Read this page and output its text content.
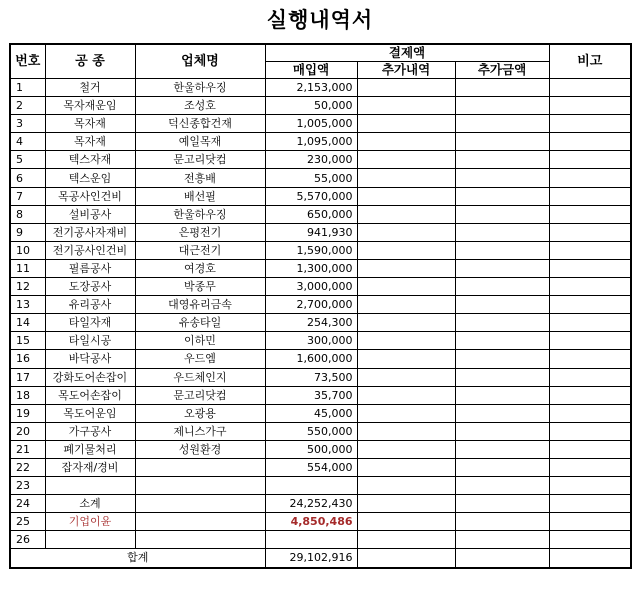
실행내역서
번호	공 종	업체명	결제액			비고
			매입액	추가내역	추가금액	
1	철거	한울하우징	2,153,000			
2	목자재운임	조성호	50,000			
3	목자재	덕신종합건재	1,005,000			
4	목자재	예일목재	1,095,000			
5	텍스자재	문고리닷컴	230,000			
6	텍스운임	전흥배	55,000			
7	목공사인건비	배선필	5,570,000			
8	설비공사	한울하우징	650,000			
9	전기공사자재비	은평전기	941,930			
10	전기공사인건비	대근전기	1,590,000			
11	필름공사	여경호	1,300,000			
12	도장공사	박종무	3,000,000			
13	유리공사	대영유리금속	2,700,000			
14	타일자재	유송타일	254,300			
15	타일시공	이하민	300,000			
16	바닥공사	우드엠	1,600,000			
17	강화도어손잡이	우드체인지	73,500			
18	목도어손잡이	문고리닷컴	35,700			
19	목도어운임	오광용	45,000			
20	가구공사	제니스가구	550,000			
21	폐기물처리	성원환경	500,000			
22	잡자재/경비		554,000			
23						
24	소계		24,252,430			
25	기업이윤		4,850,486			
26						
합계			29,102,916			
